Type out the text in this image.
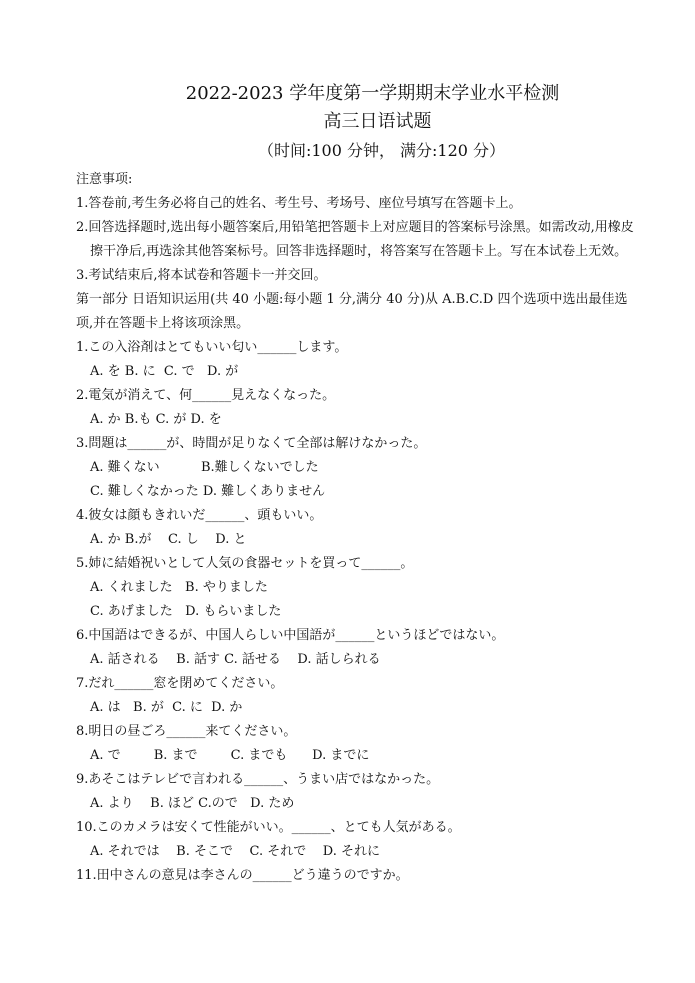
2022-2023 学年度第一学期期末学业水平检测
高三日语试题
（时间:100 分钟， 满分:120 分）
注意事项:
1.答卷前,考生务必将自己的姓名、考生号、考场号、座位号填写在答题卡上。
2.回答选择题时,选出每小题答案后,用铅笔把答题卡上对应题目的答案标号涂黑。如需改动,用橡皮擦干净后,再选涂其他答案标号。回答非选择题时，将答案写在答题卡上。写在本试卷上无效。
3.考试结束后,将本试卷和答题卡一并交回。
第一部分 日语知识运用(共 40 小题:每小题 1 分,满分 40 分)从 A.B.C.D 四个选项中选出最佳选项,并在答题卡上将该项涂黑。
1.この入浴剤はとてもいい匂い______します。
A. を B. に  C. で   D. が
2.電気が消えて、何______見えなくなった。
A. か B.も C. が D. を
3.問題は______が、時間が足りなくて全部は解けなかった。
A. 難くない          B.難しくないでした
C. 難しくなかった D. 難しくありません
4.彼女は顔もきれいだ______、頭もいい。
A. か B.が    C. し    D. と
5.姉に結婚祝いとして人気の食器セットを買って______。
A. くれました   B. やりました
C. あげました   D. もらいました
6.中国語はできるが、中国人らしい中国語が______というほどではない。
A. 話される    B. 話す C. 話せる    D. 話しられる
7.だれ______窓を閉めてください。
A. は   B. が  C. に  D. か
8.明日の昼ごろ______来てください。
A. で        B. まで        C. までも      D. までに
9.あそこはテレビで言われる______、うまい店ではなかった。
A. より    B. ほど C.ので   D. ため
10.このカメラは安くて性能がいい。______、とても人気がある。
A. それでは    B. そこで    C. それで    D. それに
11.田中さんの意見は李さんの______どう違うのですか。
